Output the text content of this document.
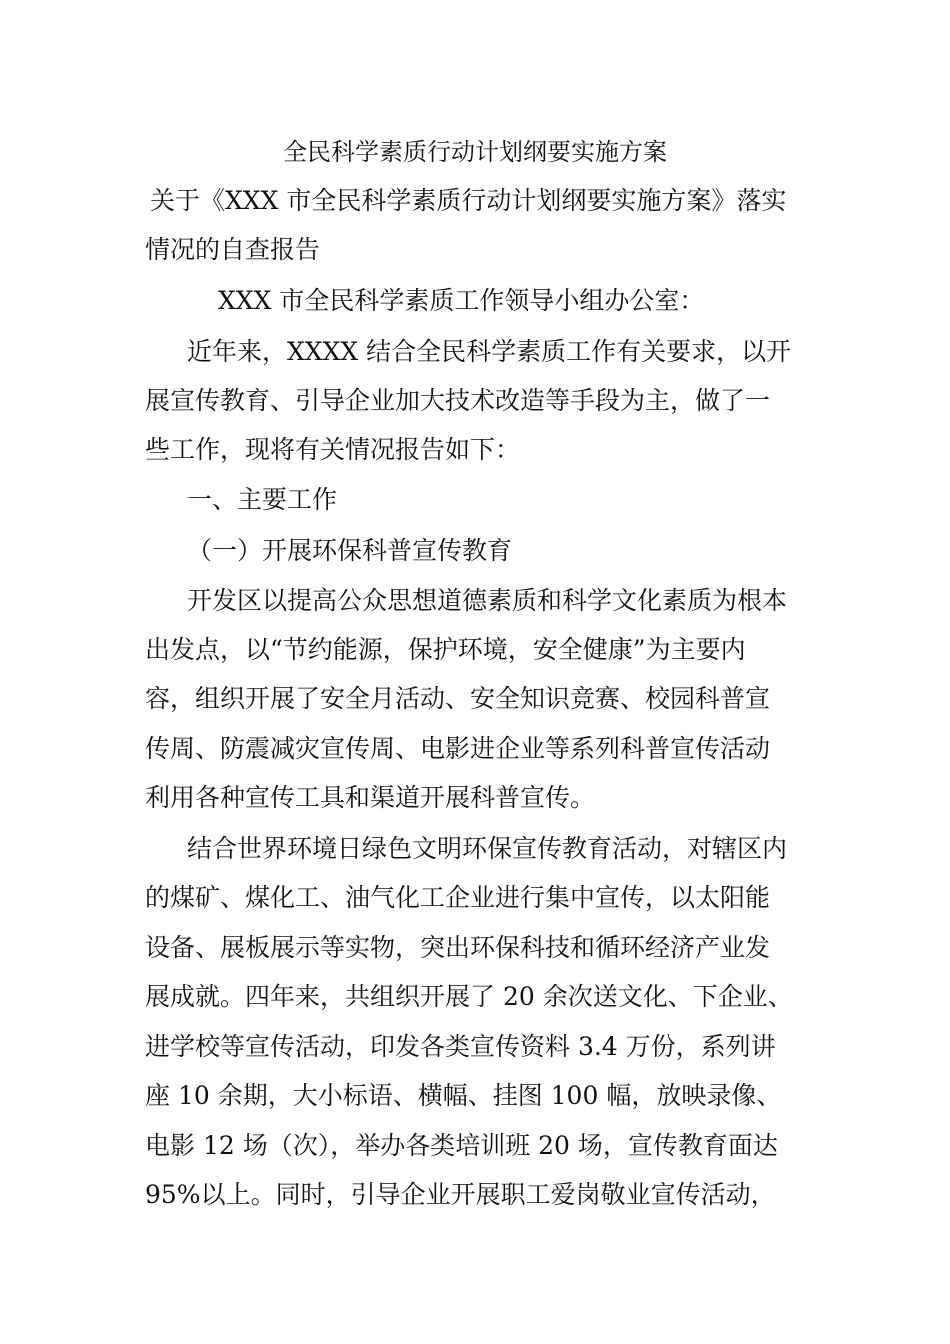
全民科学素质行动计划纲要实施方案
关于《XXX 市全民科学素质行动计划纲要实施方案》落实
情况的自查报告
XXX 市全民科学素质工作领导小组办公室：
近年来，XXXX 结合全民科学素质工作有关要求，以开
展宣传教育、引导企业加大技术改造等手段为主，做了一
些工作，现将有关情况报告如下：
一、主要工作
（一）开展环保科普宣传教育
开发区以提高公众思想道德素质和科学文化素质为根本
出发点，以“节约能源，保护环境，安全健康”为主要内
容，组织开展了安全月活动、安全知识竞赛、校园科普宣
传周、防震减灾宣传周、电影进企业等系列科普宣传活动
利用各种宣传工具和渠道开展科普宣传。
结合世界环境日绿色文明环保宣传教育活动，对辖区内
的煤矿、煤化工、油气化工企业进行集中宣传，以太阳能
设备、展板展示等实物，突出环保科技和循环经济产业发
展成就。四年来，共组织开展了 20 余次送文化、下企业、
进学校等宣传活动，印发各类宣传资料 3.4 万份，系列讲
座 10 余期，大小标语、横幅、挂图 100 幅，放映录像、
电影 12 场（次），举办各类培训班 20 场，宣传教育面达
95%以上。同时，引导企业开展职工爱岗敬业宣传活动，
